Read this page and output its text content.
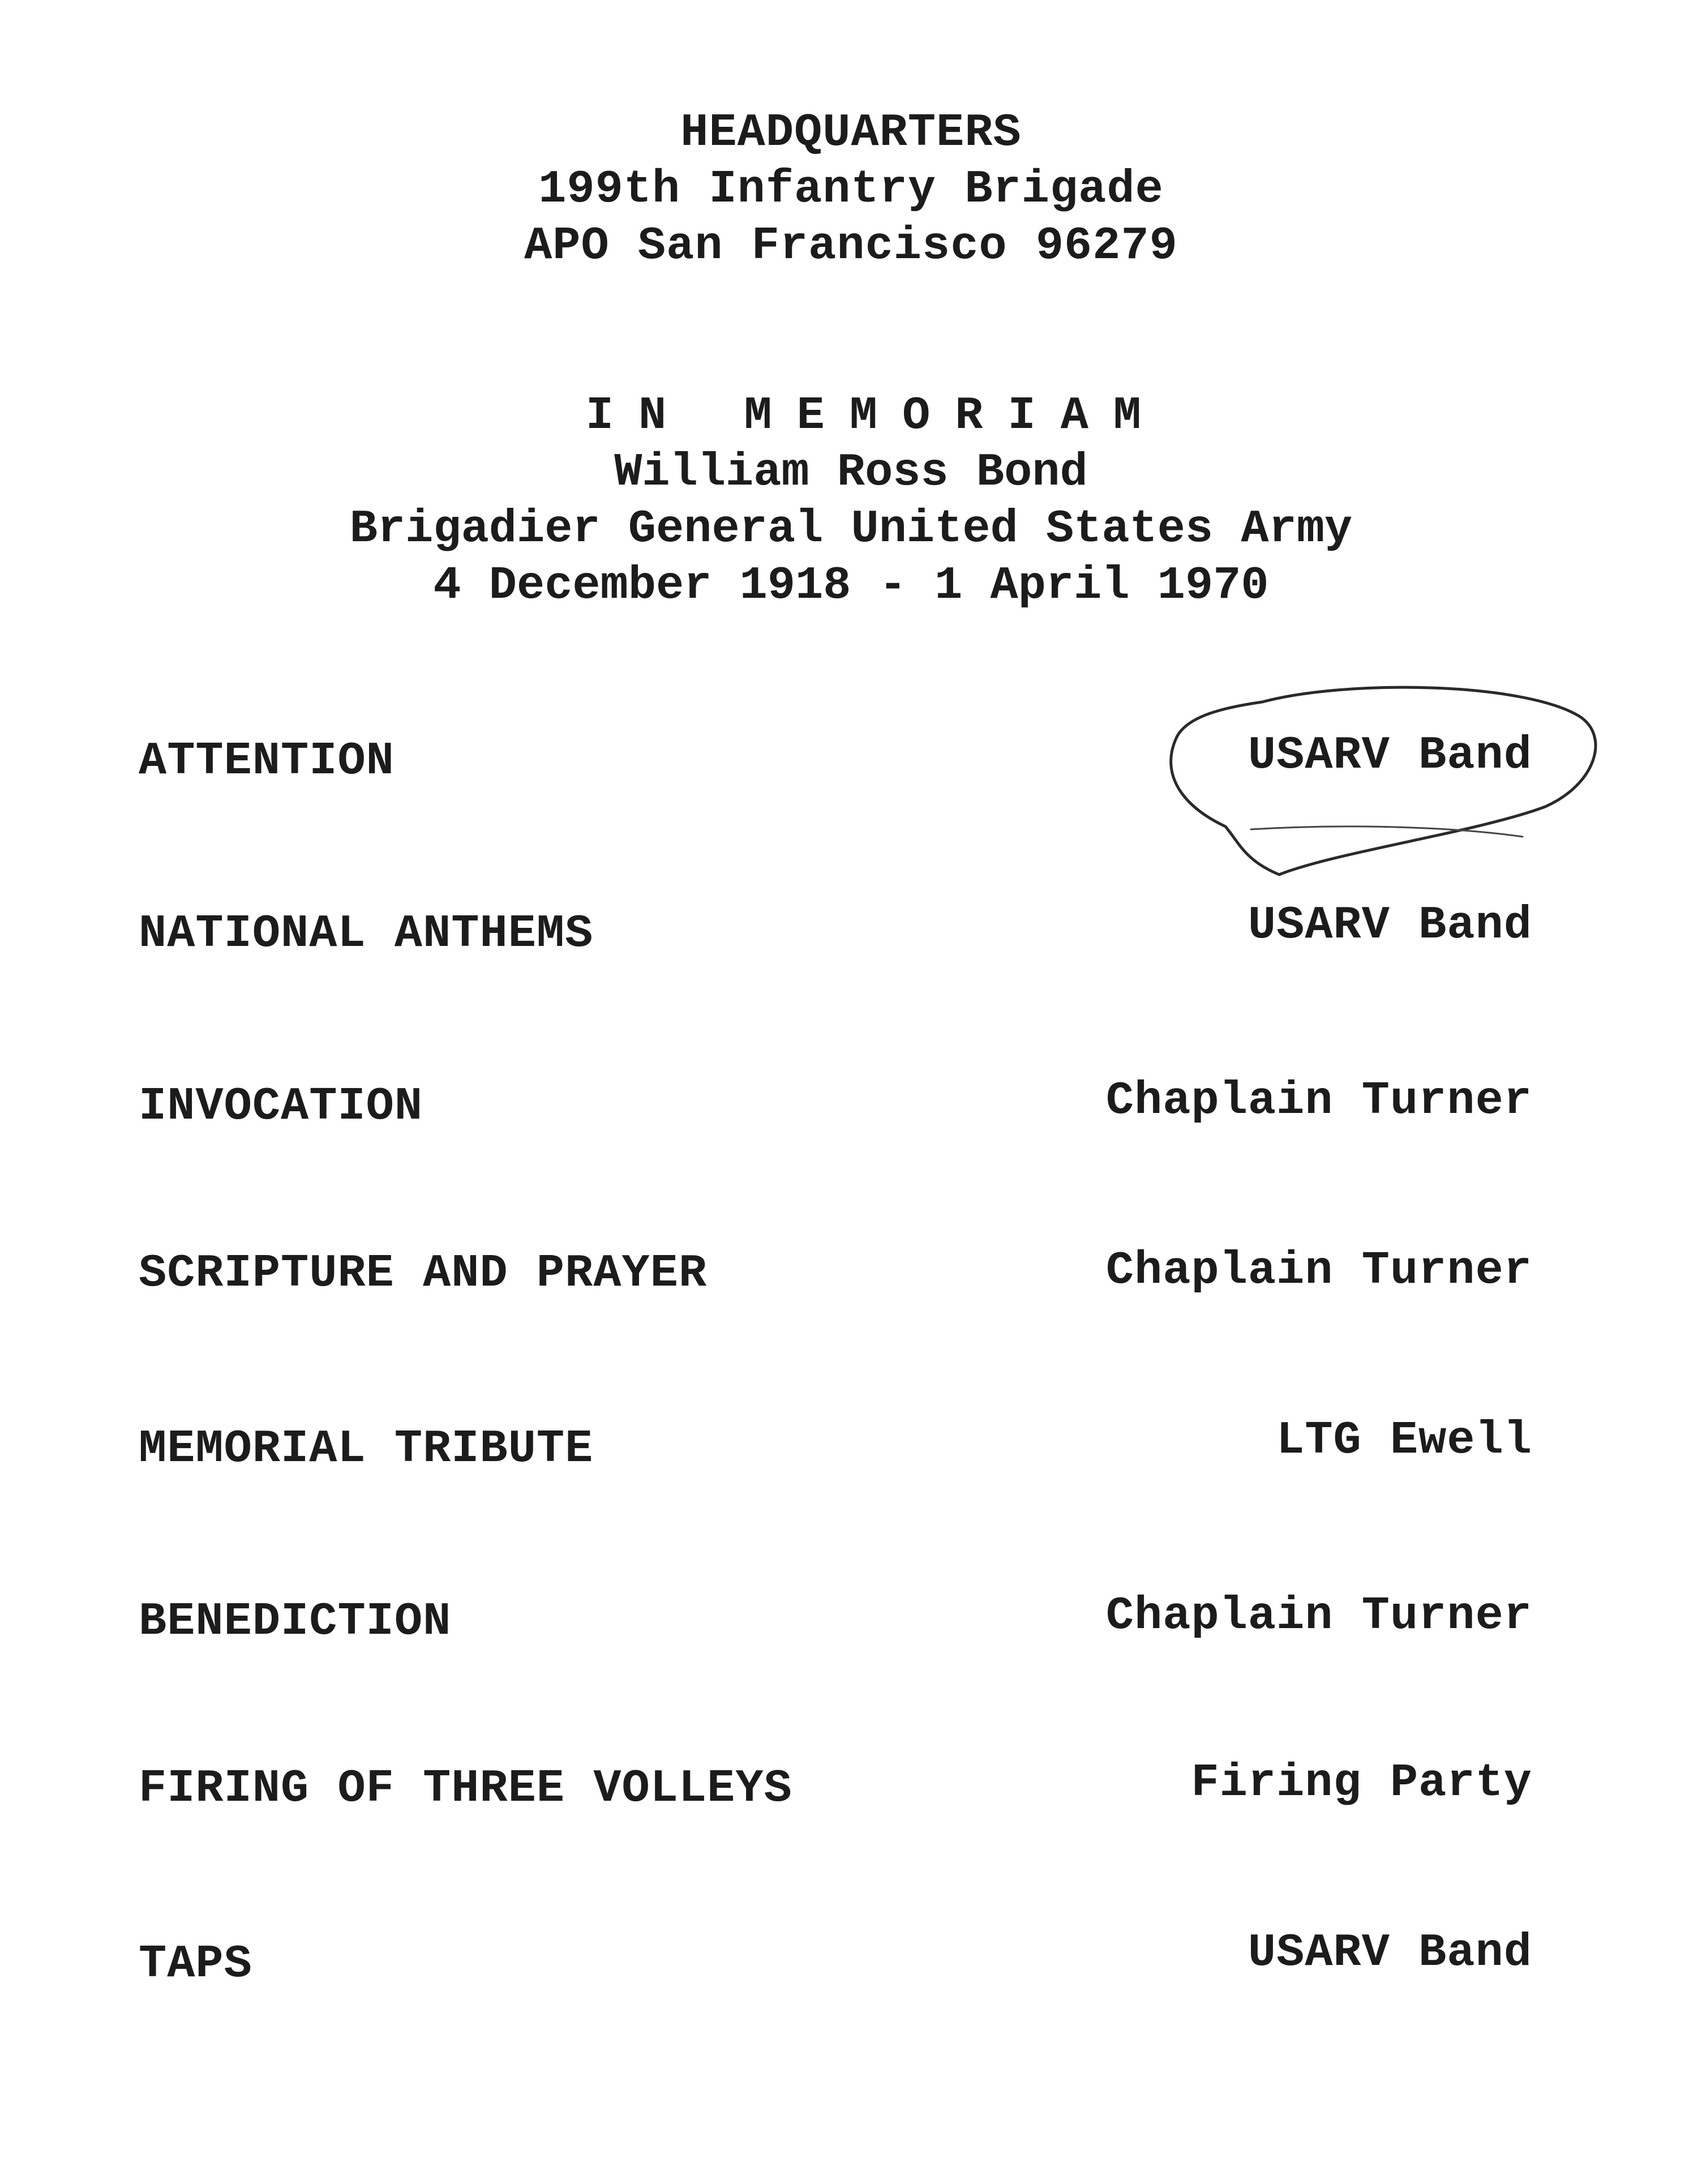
HEADQUARTERS
199th Infantry Brigade
APO San Francisco 96279
IN MEMORIAM
William Ross Bond
Brigadier General United States Army
4 December 1918 - 1 April 1970
ATTENTION	USARV Band
NATIONAL ANTHEMS	USARV Band
INVOCATION	Chaplain Turner
SCRIPTURE AND PRAYER	Chaplain Turner
MEMORIAL TRIBUTE	LTG Ewell
BENEDICTION	Chaplain Turner
FIRING OF THREE VOLLEYS	Firing Party
TAPS	USARV Band
